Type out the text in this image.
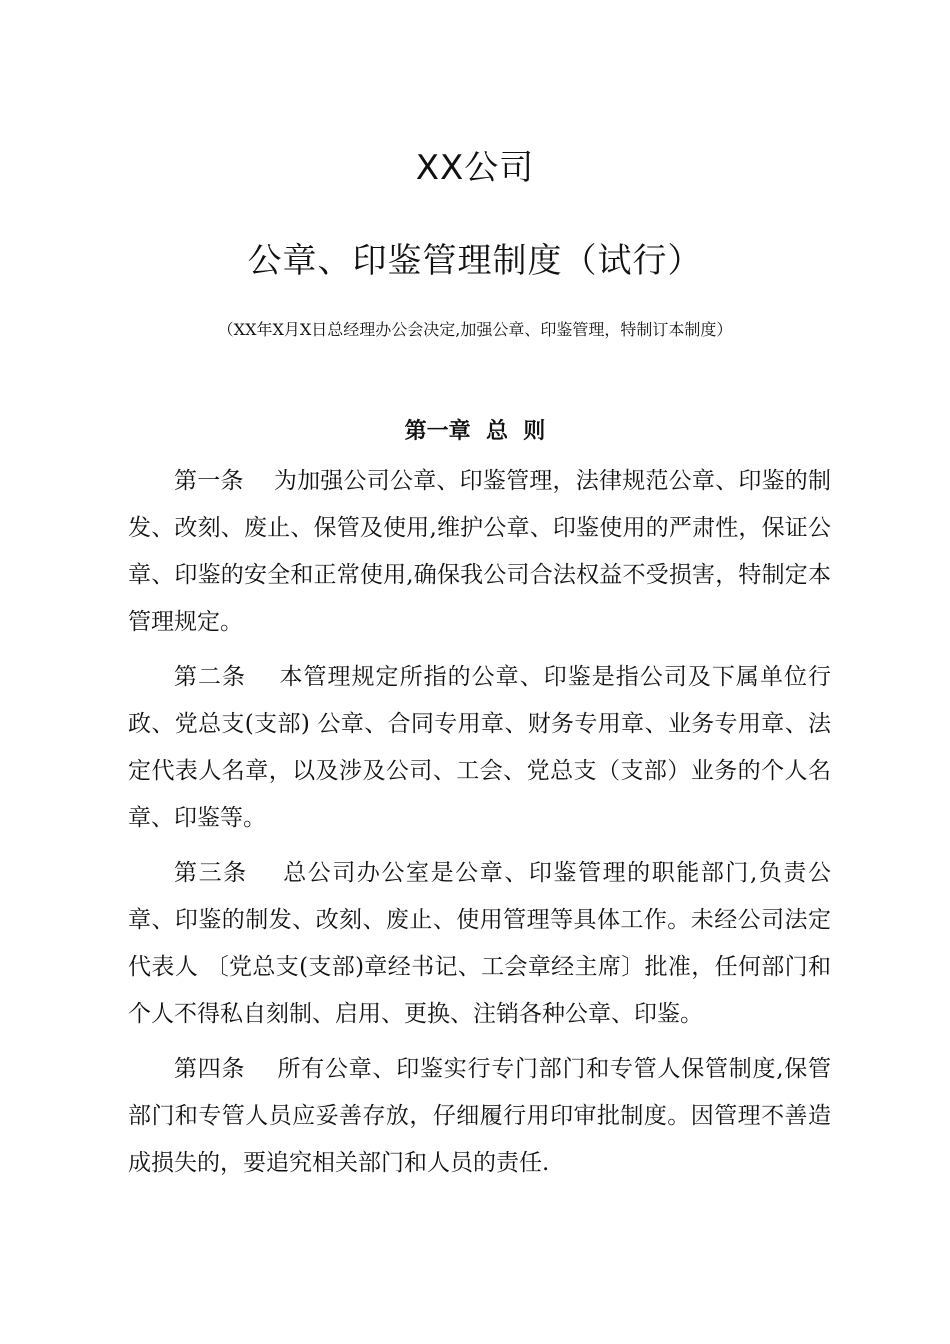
XX公司
公章、印鉴管理制度（试行）
（XX年X月X日总经理办公会决定,加强公章、印鉴管理，特制订本制度）
第一章  总  则

第一条 为加强公司公章、印鉴管理，法律规范公章、印鉴的制发、改刻、废止、保管及使用,维护公章、印鉴使用的严肃性，保证公章、印鉴的安全和正常使用,确保我公司合法权益不受损害，特制定本管理规定。

第二条 本管理规定所指的公章、印鉴是指公司及下属单位行政、党总支(支部) 公章、合同专用章、财务专用章、业务专用章、法定代表人名章，以及涉及公司、工会、党总支（支部）业务的个人名章、印鉴等。

第三条 总公司办公室是公章、印鉴管理的职能部门,负责公章、印鉴的制发、改刻、废止、使用管理等具体工作。未经公司法定代表人 〔党总支(支部)章经书记、工会章经主席〕批准，任何部门和个人不得私自刻制、启用、更换、注销各种公章、印鉴。

第四条 所有公章、印鉴实行专门部门和专管人保管制度,保管部门和专管人员应妥善存放，仔细履行用印审批制度。因管理不善造成损失的，要追究相关部门和人员的责任.
